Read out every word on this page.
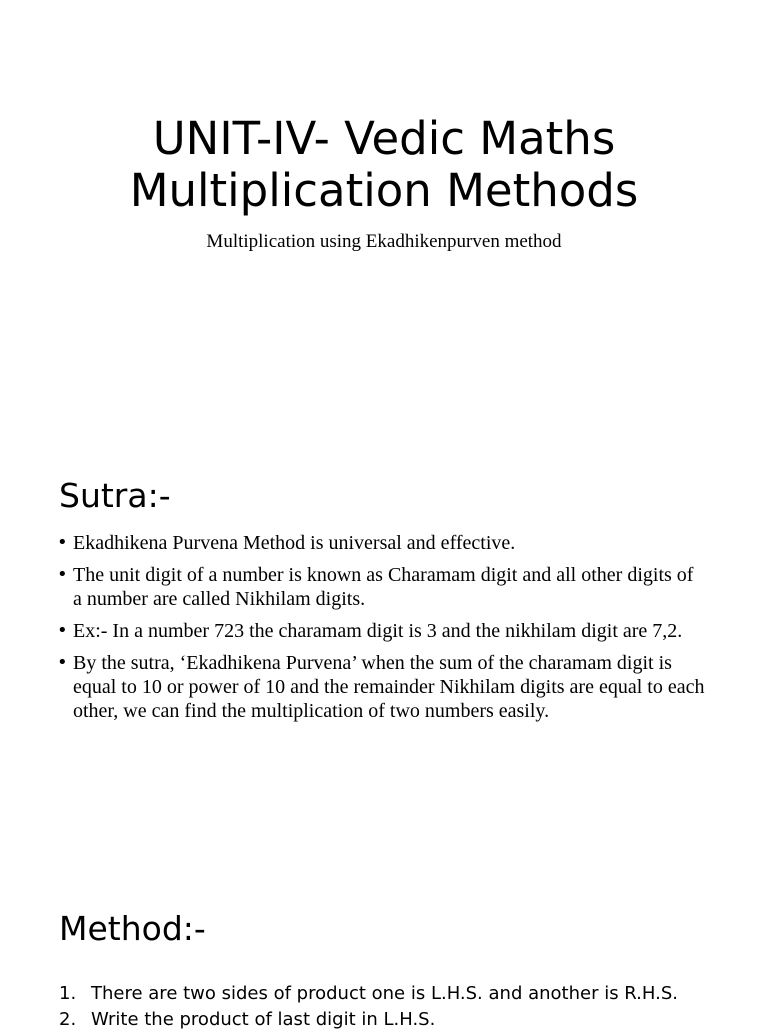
UNIT-IV- Vedic Maths
Multiplication Methods

Multiplication using Ekadhikenpurven method

Sutra:-
• Ekadhikena Purvena Method is universal and effective.
• The unit digit of a number is known as Charamam digit and all other digits of a number are called Nikhilam digits.
• Ex:- In a number 723 the charamam digit is 3 and the nikhilam digit are 7,2.
• By the sutra, ‘Ekadhikena Purvena’ when the sum of the charamam digit is equal to 10 or power of 10 and the remainder Nikhilam digits are equal to each other, we can find the multiplication of two numbers easily.
Method:-
1. There are two sides of product one is L.H.S. and another is R.H.S.
2. Write the product of last digit in L.H.S.
